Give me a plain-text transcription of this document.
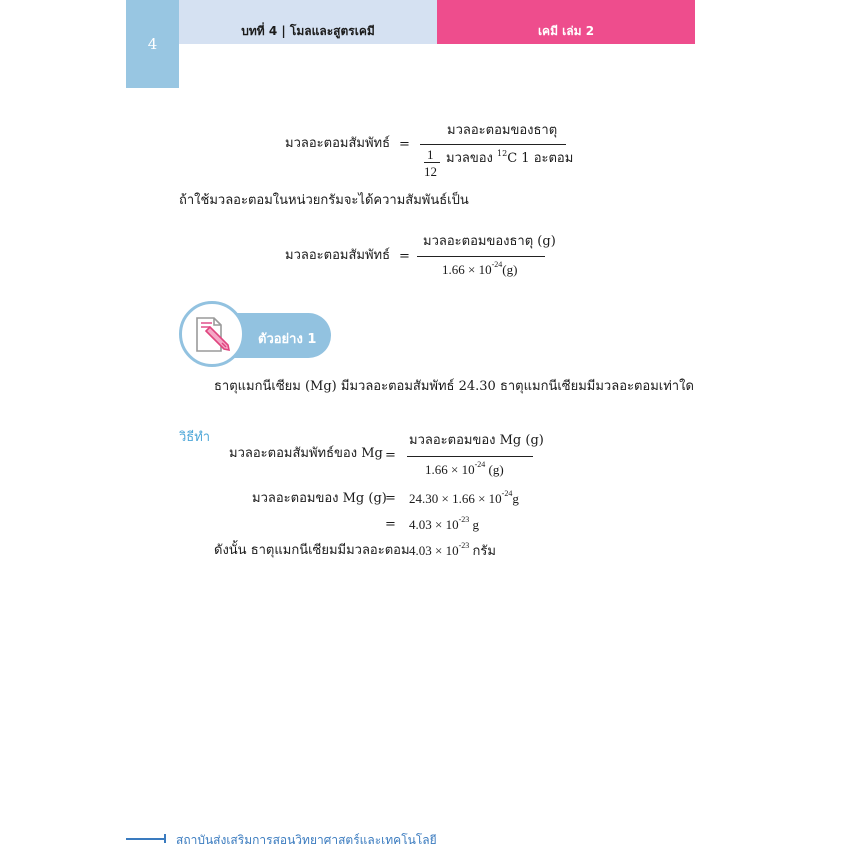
4
บทที่ 4 | โมลและสูตรเคมี	เคมี เล่ม 2
มวลอะตอมสัมพัทธ์ =
มวลอะตอมของธาตุ
1
12
มวลของ $^{12}$C 1 อะตอม
ถ้าใช้มวลอะตอมในหน่วยกรัมจะได้ความสัมพันธ์เป็น
มวลอะตอมสัมพัทธ์ =
มวลอะตอมของธาตุ (g)
$1.66 \times 10^{-24}(g)$
ตัวอย่าง 1
ธาตุแมกนีเซียม (Mg) มีมวลอะตอมสัมพัทธ์ 24.30 ธาตุแมกนีเซียมมีมวลอะตอมเท่าใด
วิธีทำ
มวลอะตอมสัมพัทธ์ของ Mg =
มวลอะตอมของ Mg (g)
$1.66 \times 10^{-24}$ (g)
มวลอะตอมของ Mg (g)
= $24.30 \times 1.66 \times 10^{-24}g$
= $4.03 \times 10^{-23}$ g
ดังนั้น ธาตุแมกนีเซียมมีมวลอะตอม $4.03 \times 10^{-23}$ กรัม
สถาบันส่งเสริมการสอนวิทยาศาสตร์และเทคโนโลยี
